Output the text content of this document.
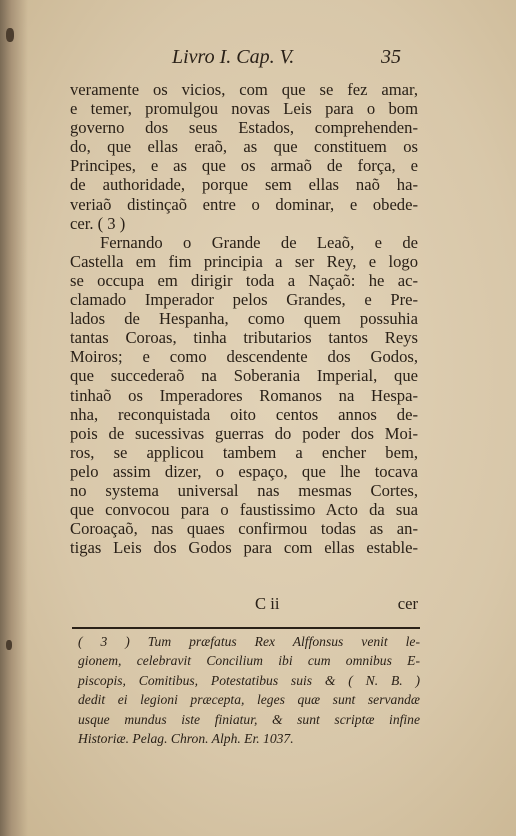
Livro I. Cap. V.	35
veramente os vicios, com que se fez amar,
e temer, promulgou novas Leis para o bom
governo dos seus Estados, comprehenden-
do, que ellas eraõ, as que constituem os
Principes, e as que os armaõ de força, e
de authoridade, porque sem ellas naõ ha-
veriaõ distinçaõ entre o dominar, e obede-
cer. ( 3 )
Fernando o Grande de Leaõ, e de
Castella em fim principia a ser Rey, e logo
se occupa em dirigir toda a Naçaõ: he ac-
clamado Imperador pelos Grandes, e Pre-
lados de Hespanha, como quem possuhia
tantas Coroas, tinha tributarios tantos Reys
Moiros; e como descendente dos Godos,
que succederaõ na Soberania Imperial, que
tinhaõ os Imperadores Romanos na Hespa-
nha, reconquistada oito centos annos de-
pois de sucessivas guerras do poder dos Moi-
ros, se applicou tambem a encher bem,
pelo assim dizer, o espaço, que lhe tocava
no systema universal nas mesmas Cortes,
que convocou para o faustissimo Acto da sua
Coroaçaõ, nas quaes confirmou todas as an-
tigas Leis dos Godos para com ellas estable-
C ii	cer
( 3 ) Tum præfatus Rex Alffonsus venit le-
gionem, celebravit Concilium ibi cum omnibus E-
piscopis, Comitibus, Potestatibus suis & ( N. B. )
dedit ei legioni præcepta, leges quæ sunt servandæ
usque mundus iste finiatur, & sunt scriptæ infine
Historiæ. Pelag. Chron. Alph. Er. 1037.
